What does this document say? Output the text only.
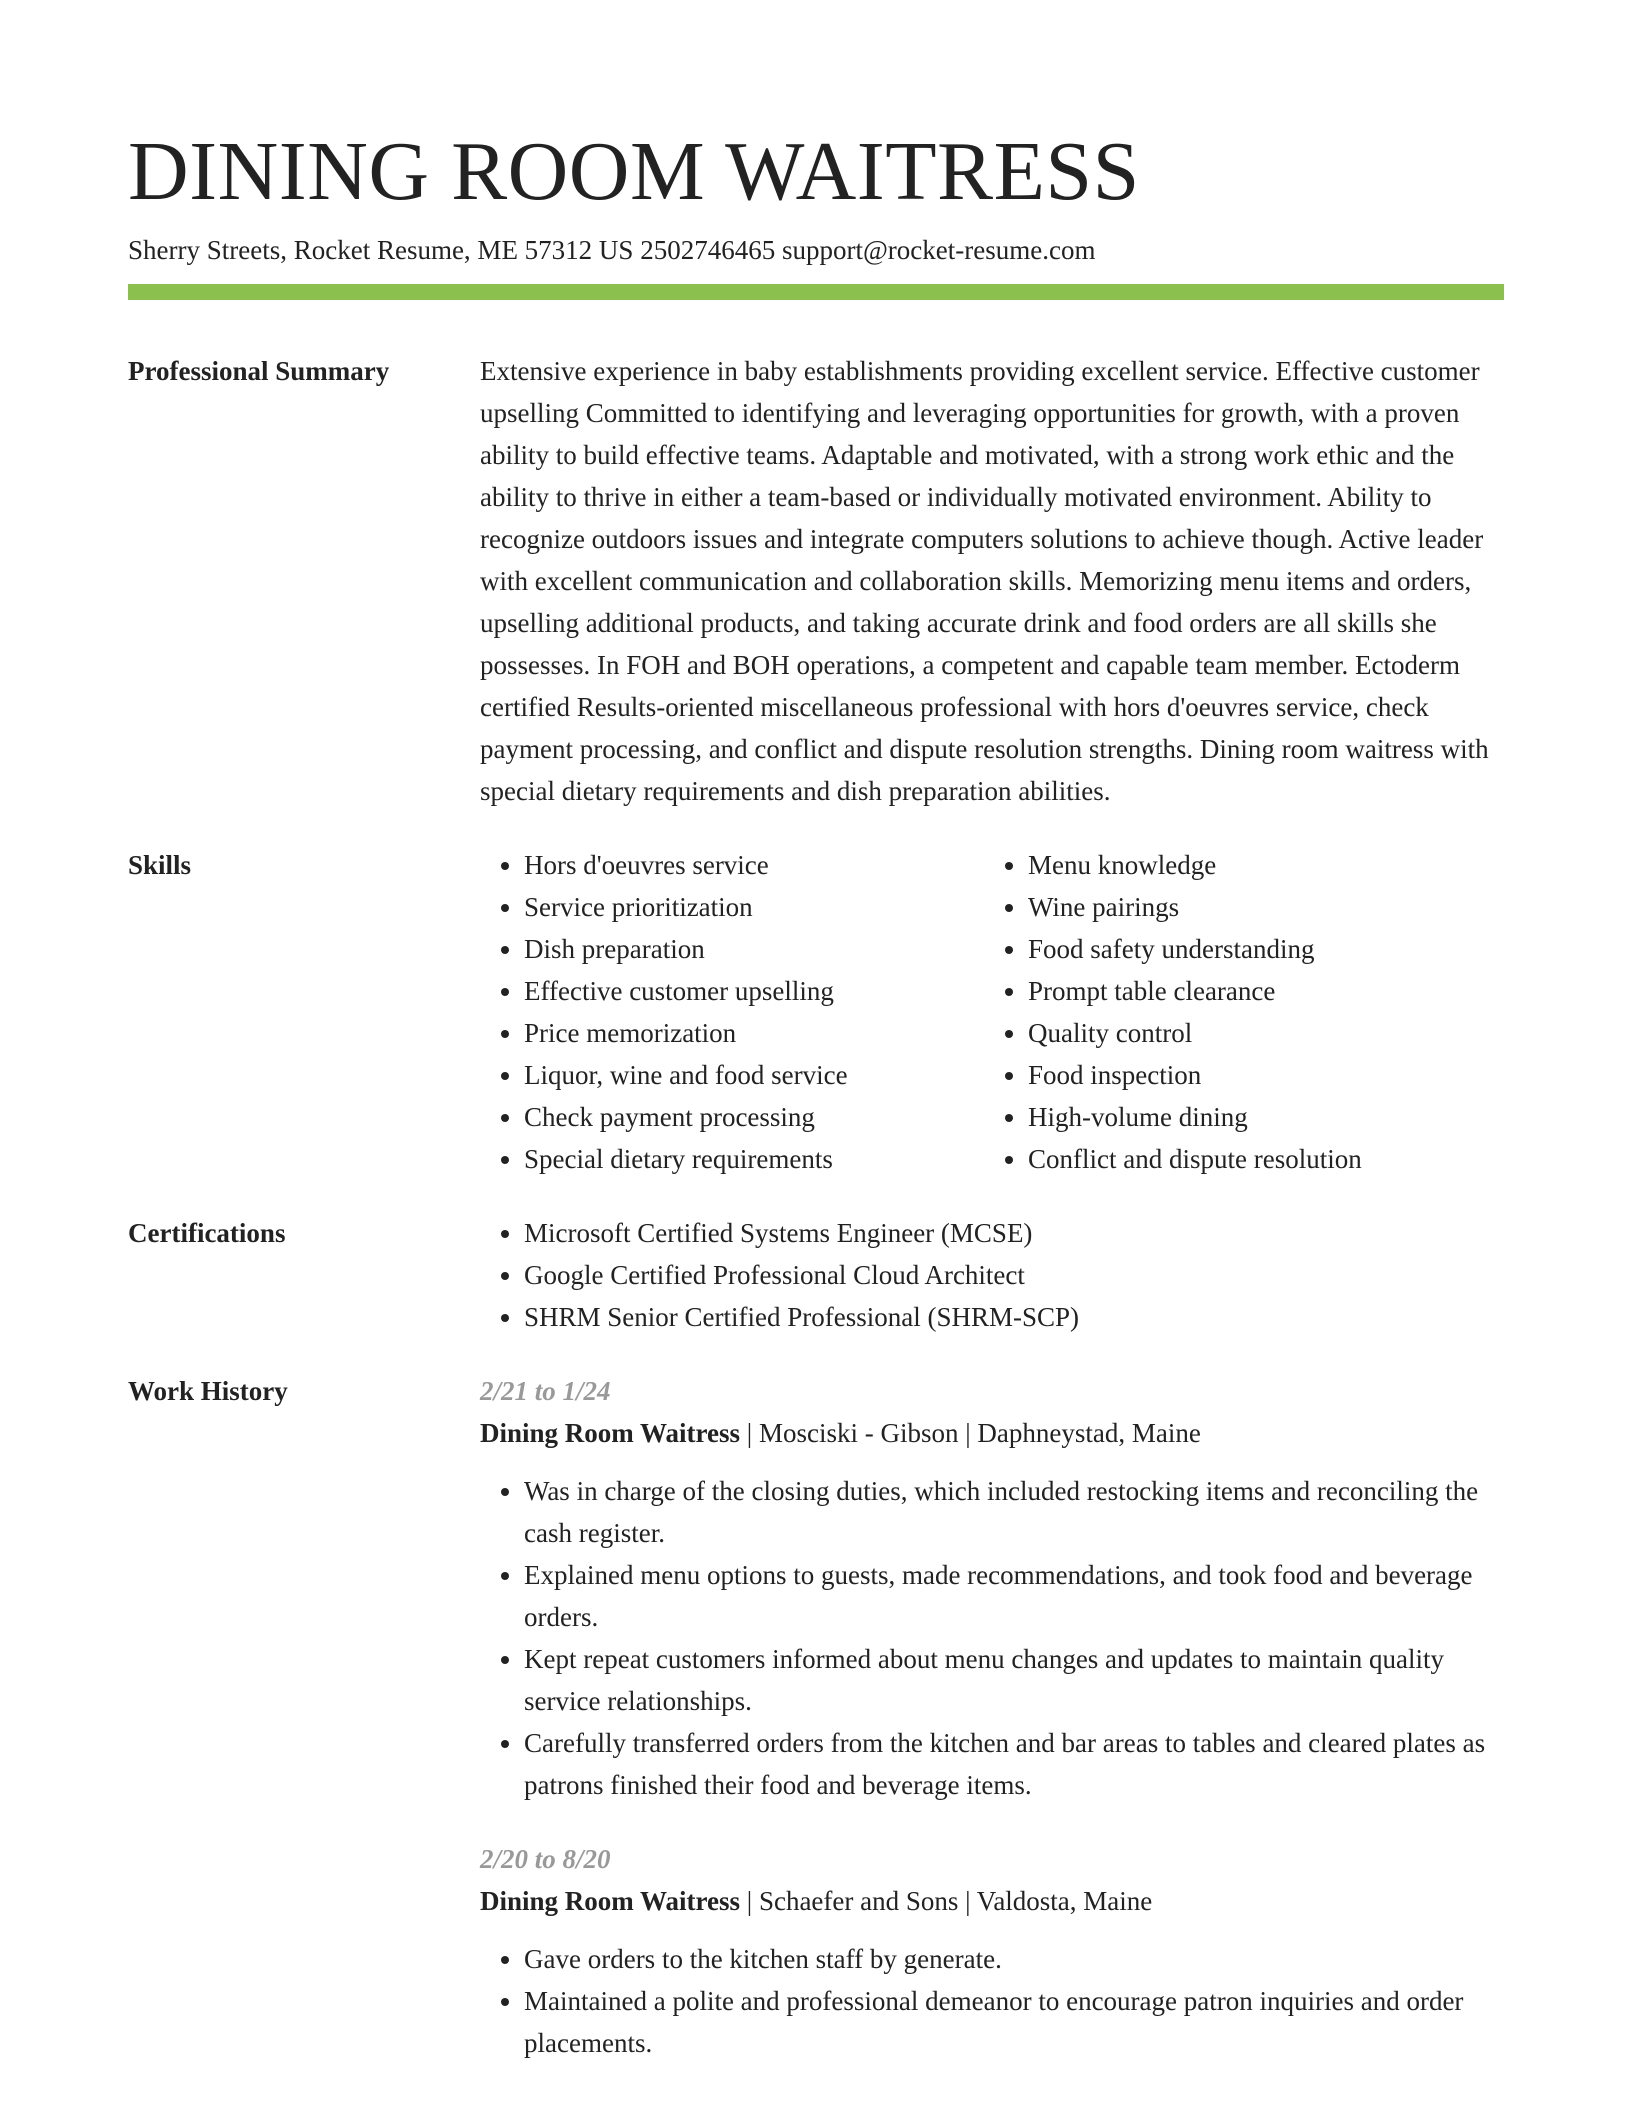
DINING ROOM WAITRESS
Sherry Streets, Rocket Resume, ME 57312 US 2502746465 support@rocket-resume.com
Professional Summary	Extensive experience in baby establishments providing excellent service. Effective customer upselling Committed to identifying and leveraging opportunities for growth, with a proven ability to build effective teams. Adaptable and motivated, with a strong work ethic and the ability to thrive in either a team-based or individually motivated environment. Ability to recognize outdoors issues and integrate computers solutions to achieve though. Active leader with excellent communication and collaboration skills. Memorizing menu items and orders, upselling additional products, and taking accurate drink and food orders are all skills she possesses. In FOH and BOH operations, a competent and capable team member. Ectoderm certified Results-oriented miscellaneous professional with hors d'oeuvres service, check payment processing, and conflict and dispute resolution strengths. Dining room waitress with special dietary requirements and dish preparation abilities.
Skills	• Hors d'oeuvres service
• Service prioritization
• Dish preparation
• Effective customer upselling
• Price memorization
• Liquor, wine and food service
• Check payment processing
• Special dietary requirements
• Menu knowledge
• Wine pairings
• Food safety understanding
• Prompt table clearance
• Quality control
• Food inspection
• High-volume dining
• Conflict and dispute resolution
Certifications	• Microsoft Certified Systems Engineer (MCSE)
• Google Certified Professional Cloud Architect
• SHRM Senior Certified Professional (SHRM-SCP)
Work History	2/21 to 1/24
Dining Room Waitress | Mosciski - Gibson | Daphneystad, Maine
• Was in charge of the closing duties, which included restocking items and reconciling the cash register.
• Explained menu options to guests, made recommendations, and took food and beverage orders.
• Kept repeat customers informed about menu changes and updates to maintain quality service relationships.
• Carefully transferred orders from the kitchen and bar areas to tables and cleared plates as patrons finished their food and beverage items.
2/20 to 8/20
Dining Room Waitress | Schaefer and Sons | Valdosta, Maine
• Gave orders to the kitchen staff by generate.
• Maintained a polite and professional demeanor to encourage patron inquiries and order placements.
